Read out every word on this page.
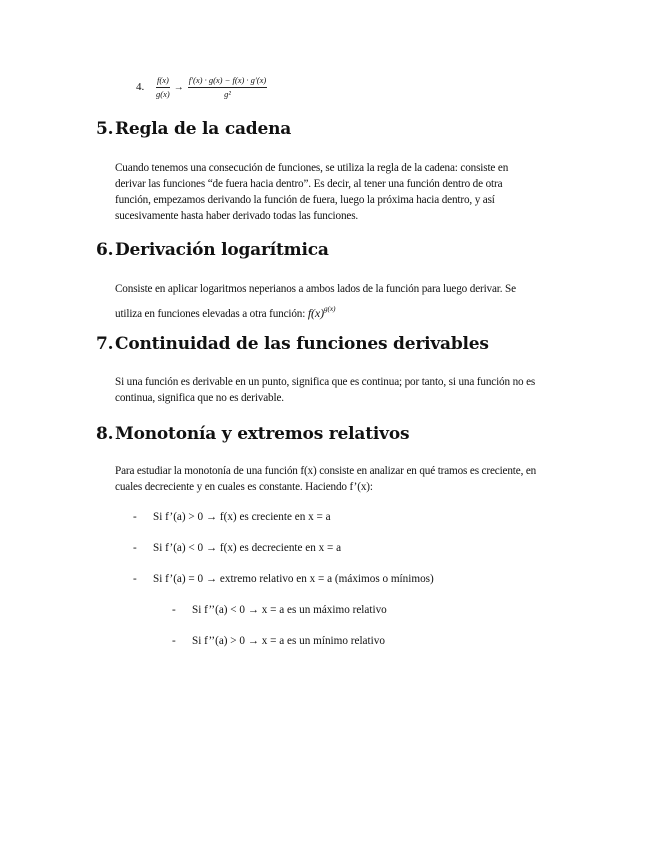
4.	$\frac{f(x)}{g(x)} \to \frac{f'(x) \cdot g(x) - f(x) \cdot g'(x)}{\text{g²}}$
5.Regla de la cadena

Cuando tenemos una consecución de funciones, se utiliza la regla de la cadena: consiste en
derivar las funciones “de fuera hacia dentro”. Es decir, al tener una función dentro de otra
función, empezamos derivando la función de fuera, luego la próxima hacia dentro, y así
sucesivamente hasta haber derivado todas las funciones.

6.Derivación logarítmica

Consiste en aplicar logaritmos neperianos a ambos lados de la función para luego derivar. Se
utiliza en funciones elevadas a otra función: $f(x)^{g(x)}$

7.Continuidad de las funciones derivables

Si una función es derivable en un punto, significa que es continua; por tanto, si una función no es
continua, significa que no es derivable.

8.Monotonía y extremos relativos

Para estudiar la monotonía de una función f(x) consiste en analizar en qué tramos es creciente, en
cuales decreciente y en cuales es constante. Haciendo f’(x):

- Si f’(a) > 0 → f(x) es creciente en x = a
- Si f’(a) < 0 → f(x) es decreciente en x = a
- Si f’(a) = 0 → extremo relativo en x = a (máximos o mínimos)
- Si f’’(a) < 0 → x = a es un máximo relativo
- Si f’’(a) > 0 → x = a es un mínimo relativo
